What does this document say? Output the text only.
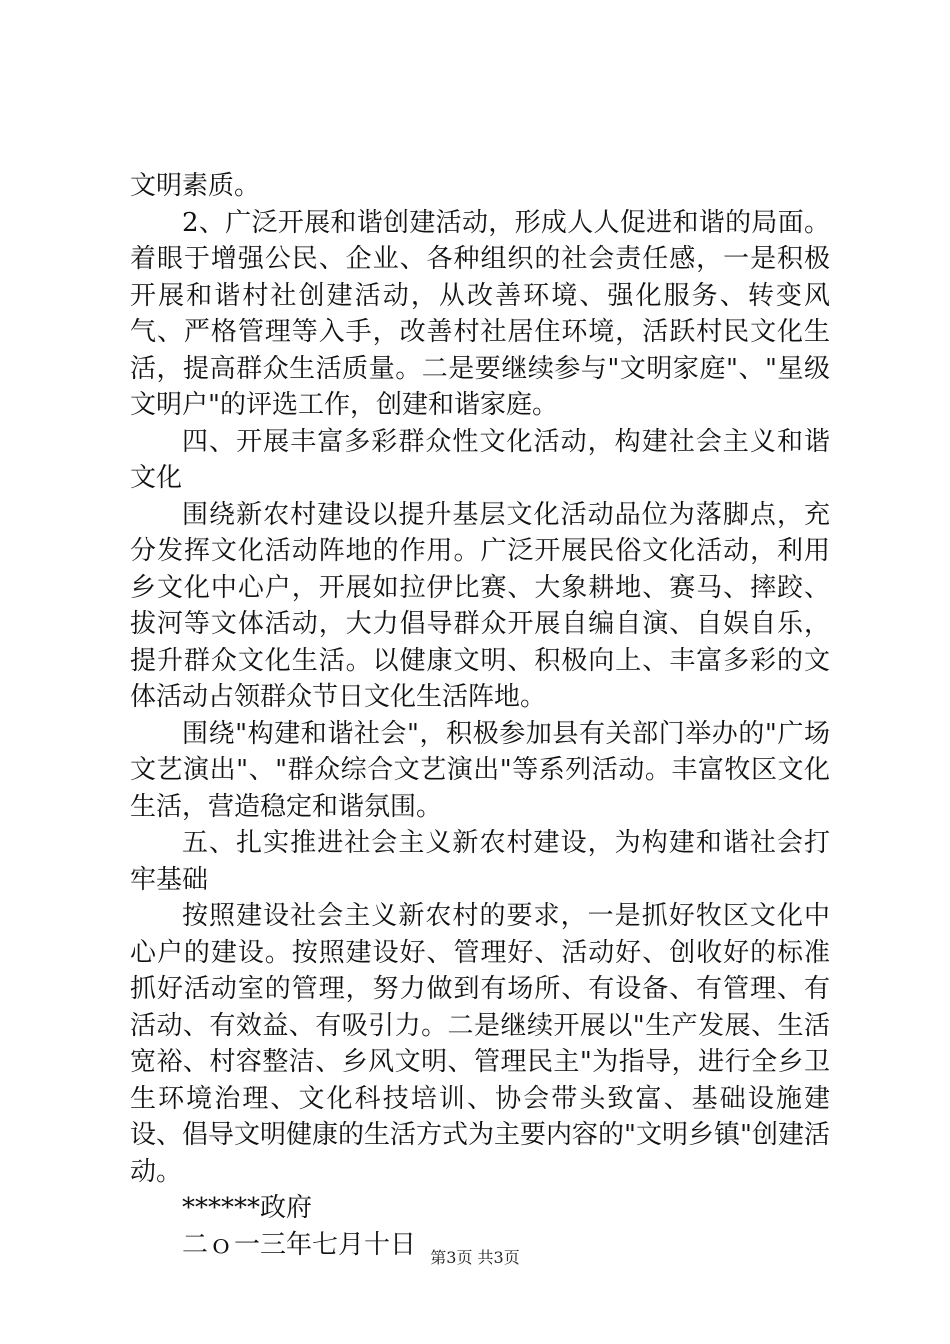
文明素质。

2、广泛开展和谐创建活动，形成人人促进和谐的局面。着眼于增强公民、企业、各种组织的社会责任感，一是积极开展和谐村社创建活动，从改善环境、强化服务、转变风气、严格管理等入手，改善村社居住环境，活跃村民文化生活，提高群众生活质量。二是要继续参与"文明家庭"、"星级文明户"的评选工作，创建和谐家庭。

四、开展丰富多彩群众性文化活动，构建社会主义和谐文化

围绕新农村建设以提升基层文化活动品位为落脚点，充分发挥文化活动阵地的作用。广泛开展民俗文化活动，利用乡文化中心户，开展如拉伊比赛、大象耕地、赛马、摔跤、拔河等文体活动，大力倡导群众开展自编自演、自娱自乐，提升群众文化生活。以健康文明、积极向上、丰富多彩的文体活动占领群众节日文化生活阵地。

围绕"构建和谐社会"，积极参加县有关部门举办的"广场文艺演出"、"群众综合文艺演出"等系列活动。丰富牧区文化生活，营造稳定和谐氛围。

五、扎实推进社会主义新农村建设，为构建和谐社会打牢基础

按照建设社会主义新农村的要求，一是抓好牧区文化中心户的建设。按照建设好、管理好、活动好、创收好的标准抓好活动室的管理，努力做到有场所、有设备、有管理、有活动、有效益、有吸引力。二是继续开展以"生产发展、生活宽裕、村容整洁、乡风文明、管理民主"为指导，进行全乡卫生环境治理、文化科技培训、协会带头致富、基础设施建设、倡导文明健康的生活方式为主要内容的"文明乡镇"创建活动。

******政府

二ｏ一三年七月十日 第3页 共3页
